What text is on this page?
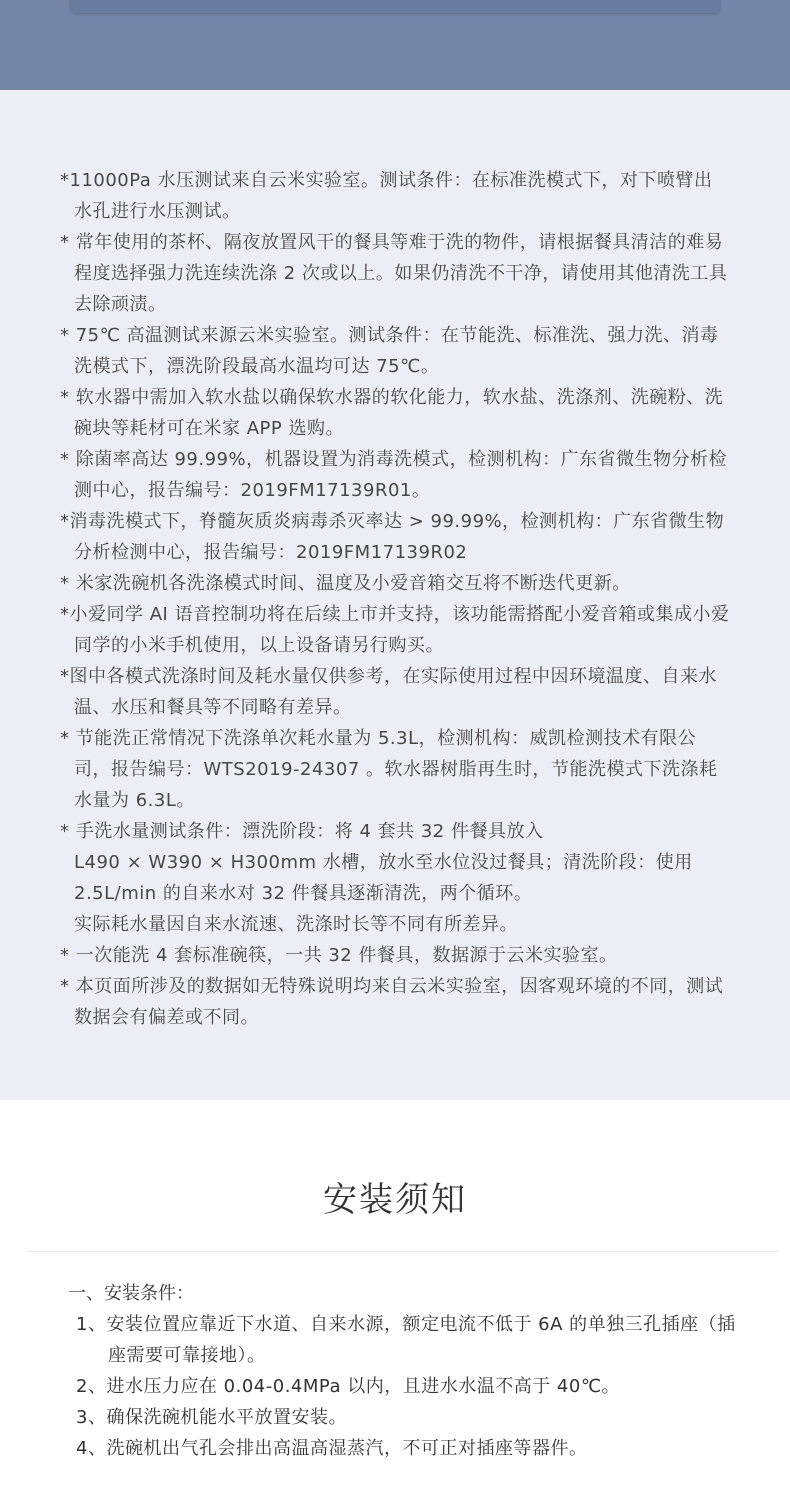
*11000Pa 水压测试来自云米实验室。测试条件：在标准洗模式下，对下喷臂出水孔进行水压测试。
* 常年使用的茶杯、隔夜放置风干的餐具等难于洗的物件，请根据餐具清洁的难易程度选择强力洗连续洗涤 2 次或以上。如果仍清洗不干净，请使用其他清洗工具去除顽渍。
* 75℃ 高温测试来源云米实验室。测试条件：在节能洗、标准洗、强力洗、消毒洗模式下，漂洗阶段最高水温均可达 75℃。
* 软水器中需加入软水盐以确保软水器的软化能力，软水盐、洗涤剂、洗碗粉、洗碗块等耗材可在米家 APP 选购。
* 除菌率高达 99.99%，机器设置为消毒洗模式，检测机构：广东省微生物分析检测中心，报告编号：2019FM17139R01。
*消毒洗模式下，脊髓灰质炎病毒杀灭率达 > 99.99%，检测机构：广东省微生物分析检测中心，报告编号：2019FM17139R02
* 米家洗碗机各洗涤模式时间、温度及小爱音箱交互将不断迭代更新。
*小爱同学 AI 语音控制功将在后续上市并支持，该功能需搭配小爱音箱或集成小爱同学的小米手机使用，以上设备请另行购买。
*图中各模式洗涤时间及耗水量仅供参考，在实际使用过程中因环境温度、自来水温、水压和餐具等不同略有差异。
* 节能洗正常情况下洗涤单次耗水量为 5.3L，检测机构：威凯检测技术有限公司，报告编号：WTS2019-24307 。软水器树脂再生时，节能洗模式下洗涤耗水量为 6.3L。
* 手洗水量测试条件：漂洗阶段：将 4 套共 32 件餐具放入
L490 × W390 × H300mm 水槽，放水至水位没过餐具；清洗阶段：使用 2.5L/min 的自来水对 32 件餐具逐渐清洗，两个循环。
实际耗水量因自来水流速、洗涤时长等不同有所差异。
* 一次能洗 4 套标准碗筷，一共 32 件餐具，数据源于云米实验室。
* 本页面所涉及的数据如无特殊说明均来自云米实验室，因客观环境的不同，测试数据会有偏差或不同。
安装须知
一、安装条件：
1、安装位置应靠近下水道、自来水源，额定电流不低于 6A 的单独三孔插座（插座需要可靠接地）。
2、进水压力应在 0.04-0.4MPa 以内，且进水水温不高于 40℃。
3、确保洗碗机能水平放置安装。
4、洗碗机出气孔会排出高温高湿蒸汽，不可正对插座等器件。
